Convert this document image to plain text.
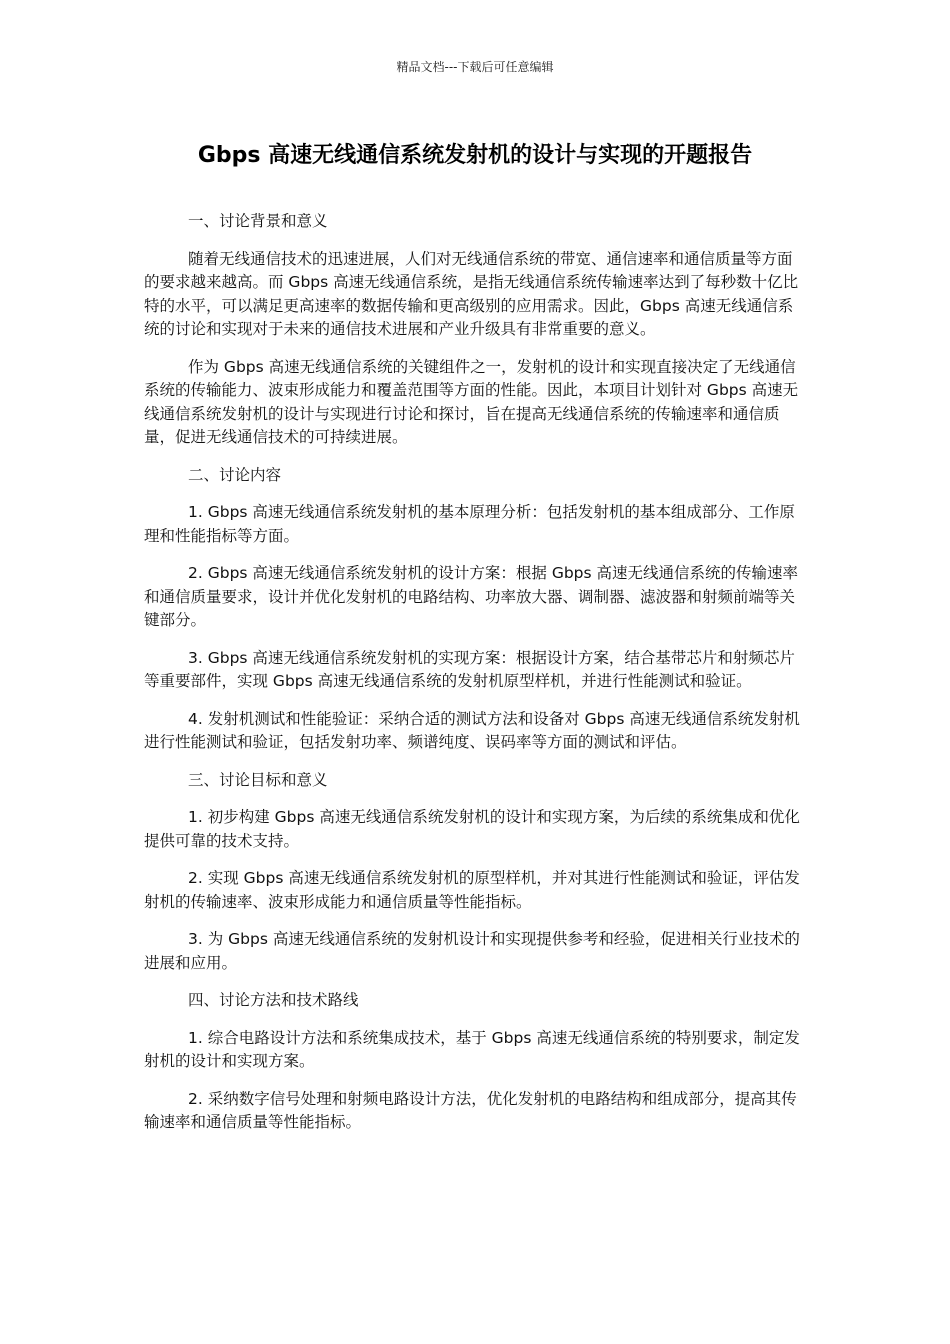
精品文档---下载后可任意编辑
Gbps 高速无线通信系统发射机的设计与实现的开题报告

一、讨论背景和意义

随着无线通信技术的迅速进展，人们对无线通信系统的带宽、通信速率和通信质量等方面的要求越来越高。而 Gbps 高速无线通信系统，是指无线通信系统传输速率达到了每秒数十亿比特的水平，可以满足更高速率的数据传输和更高级别的应用需求。因此，Gbps 高速无线通信系统的讨论和实现对于未来的通信技术进展和产业升级具有非常重要的意义。

作为 Gbps 高速无线通信系统的关键组件之一，发射机的设计和实现直接决定了无线通信系统的传输能力、波束形成能力和覆盖范围等方面的性能。因此，本项目计划针对 Gbps 高速无线通信系统发射机的设计与实现进行讨论和探讨，旨在提高无线通信系统的传输速率和通信质量，促进无线通信技术的可持续进展。

二、讨论内容

1. Gbps 高速无线通信系统发射机的基本原理分析：包括发射机的基本组成部分、工作原理和性能指标等方面。

2. Gbps 高速无线通信系统发射机的设计方案：根据 Gbps 高速无线通信系统的传输速率和通信质量要求，设计并优化发射机的电路结构、功率放大器、调制器、滤波器和射频前端等关键部分。

3. Gbps 高速无线通信系统发射机的实现方案：根据设计方案，结合基带芯片和射频芯片等重要部件，实现 Gbps 高速无线通信系统的发射机原型样机，并进行性能测试和验证。

4. 发射机测试和性能验证：采纳合适的测试方法和设备对 Gbps 高速无线通信系统发射机进行性能测试和验证，包括发射功率、频谱纯度、误码率等方面的测试和评估。

三、讨论目标和意义

1. 初步构建 Gbps 高速无线通信系统发射机的设计和实现方案，为后续的系统集成和优化提供可靠的技术支持。

2. 实现 Gbps 高速无线通信系统发射机的原型样机，并对其进行性能测试和验证，评估发射机的传输速率、波束形成能力和通信质量等性能指标。

3. 为 Gbps 高速无线通信系统的发射机设计和实现提供参考和经验，促进相关行业技术的进展和应用。

四、讨论方法和技术路线

1. 综合电路设计方法和系统集成技术，基于 Gbps 高速无线通信系统的特别要求，制定发射机的设计和实现方案。

2. 采纳数字信号处理和射频电路设计方法，优化发射机的电路结构和组成部分，提高其传输速率和通信质量等性能指标。
